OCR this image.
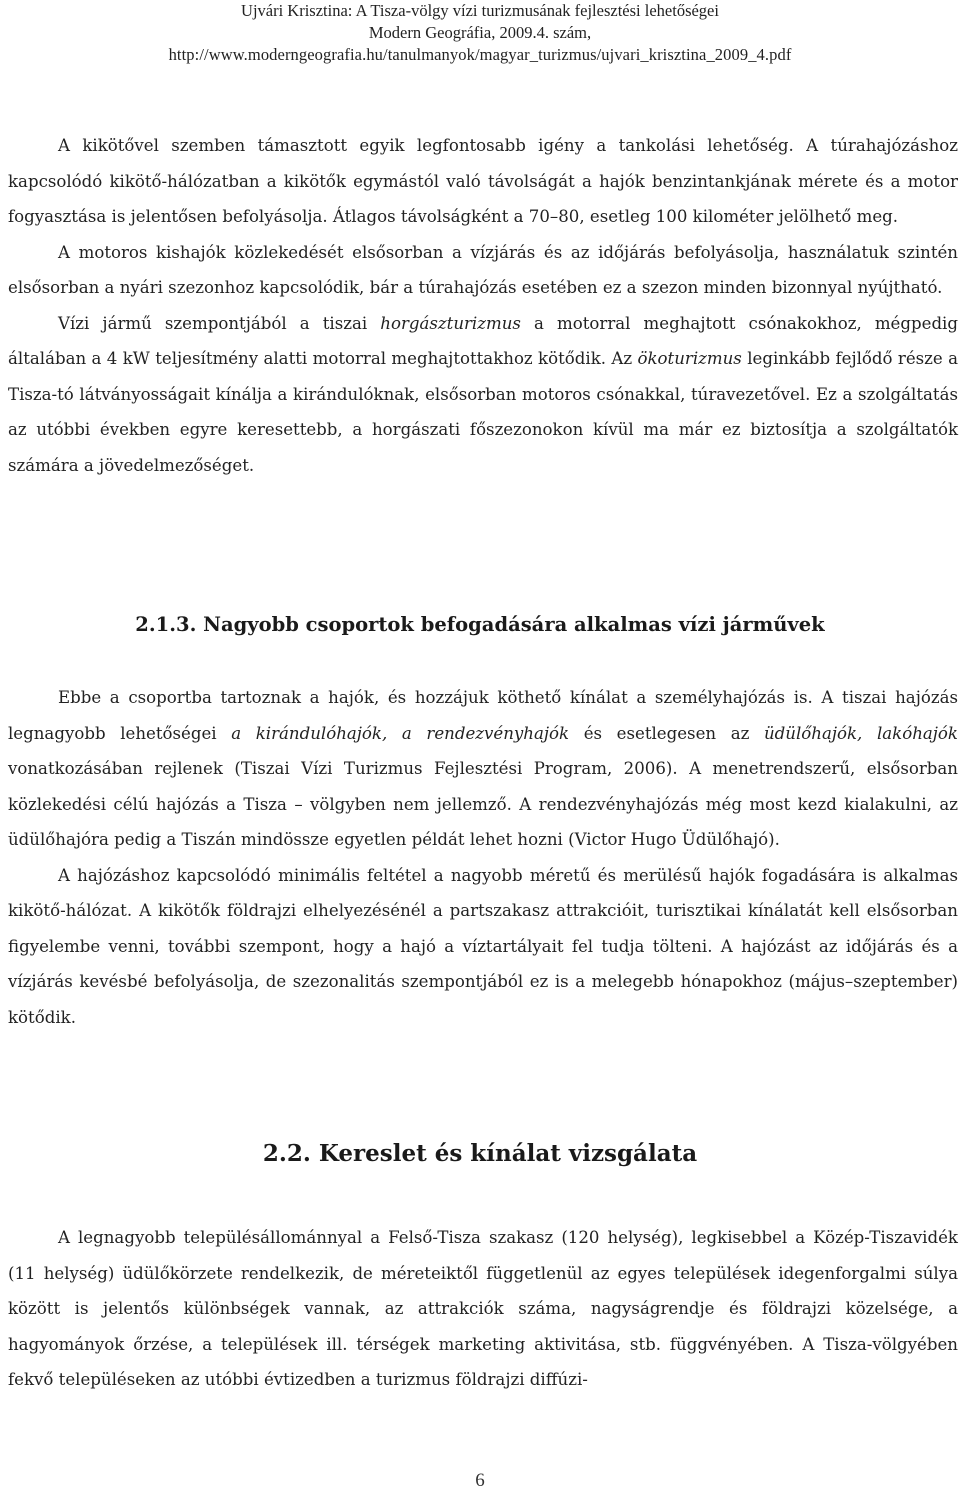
Ujvári Krisztina: A Tisza-völgy vízi turizmusának fejlesztési lehetőségei
Modern Geográfia, 2009.4. szám,
http://www.moderngeografia.hu/tanulmanyok/magyar_turizmus/ujvari_krisztina_2009_4.pdf

A kikötővel szemben támasztott egyik legfontosabb igény a tankolási lehetőség. A túrahajózáshoz kapcsolódó kikötő-hálózatban a kikötők egymástól való távolságát a hajók benzintankjának mérete és a motor fogyasztása is jelentősen befolyásolja. Átlagos távolságként a 70–80, esetleg 100 kilométer jelölhető meg.

A motoros kishajók közlekedését elsősorban a vízjárás és az időjárás befolyásolja, használatuk szintén elsősorban a nyári szezonhoz kapcsolódik, bár a túrahajózás esetében ez a szezon minden bizonnyal nyújtható.

Vízi jármű szempontjából a tiszai horgászturizmus a motorral meghajtott csónakokhoz, mégpedig általában a 4 kW teljesítmény alatti motorral meghajtottakhoz kötődik. Az ökoturizmus leginkább fejlődő része a Tisza-tó látványosságait kínálja a kirándulóknak, elsősorban motoros csónakkal, túravezetővel. Ez a szolgáltatás az utóbbi években egyre keresettebb, a horgászati főszezonokon kívül ma már ez biztosítja a szolgáltatók számára a jövedelmezőséget.

2.1.3. Nagyobb csoportok befogadására alkalmas vízi járművek

Ebbe a csoportba tartoznak a hajók, és hozzájuk köthető kínálat a személyhajózás is. A tiszai hajózás legnagyobb lehetőségei a kirándulóhajók, a rendezvényhajók és esetlegesen az üdülőhajók, lakóhajók vonatkozásában rejlenek (Tiszai Vízi Turizmus Fejlesztési Program, 2006). A menetrendszerű, elsősorban közlekedési célú hajózás a Tisza – völgyben nem jellemző. A rendezvényhajózás még most kezd kialakulni, az üdülőhajóra pedig a Tiszán mindössze egyetlen példát lehet hozni (Victor Hugo Üdülőhajó).

A hajózáshoz kapcsolódó minimális feltétel a nagyobb méretű és merülésű hajók fogadására is alkalmas kikötő-hálózat. A kikötők földrajzi elhelyezésénél a partszakasz attrakcióit, turisztikai kínálatát kell elsősorban figyelembe venni, további szempont, hogy a hajó a víztartályait fel tudja tölteni. A hajózást az időjárás és a vízjárás kevésbé befolyásolja, de szezonalitás szempontjából ez is a melegebb hónapokhoz (május–szeptember) kötődik.

2.2. Kereslet és kínálat vizsgálata

A legnagyobb településállománnyal a Felső-Tisza szakasz (120 helység), legkisebbel a Közép-Tiszavidék (11 helység) üdülőkörzete rendelkezik, de méreteiktől függetlenül az egyes települések idegenforgalmi súlya között is jelentős különbségek vannak, az attrakciók száma, nagyságrendje és földrajzi közelsége, a hagyományok őrzése, a települések ill. térségek marketing aktivitása, stb. függvényében. A Tisza-völgyében fekvő településeken az utóbbi évtizedben a turizmus földrajzi diffúzi-

6
